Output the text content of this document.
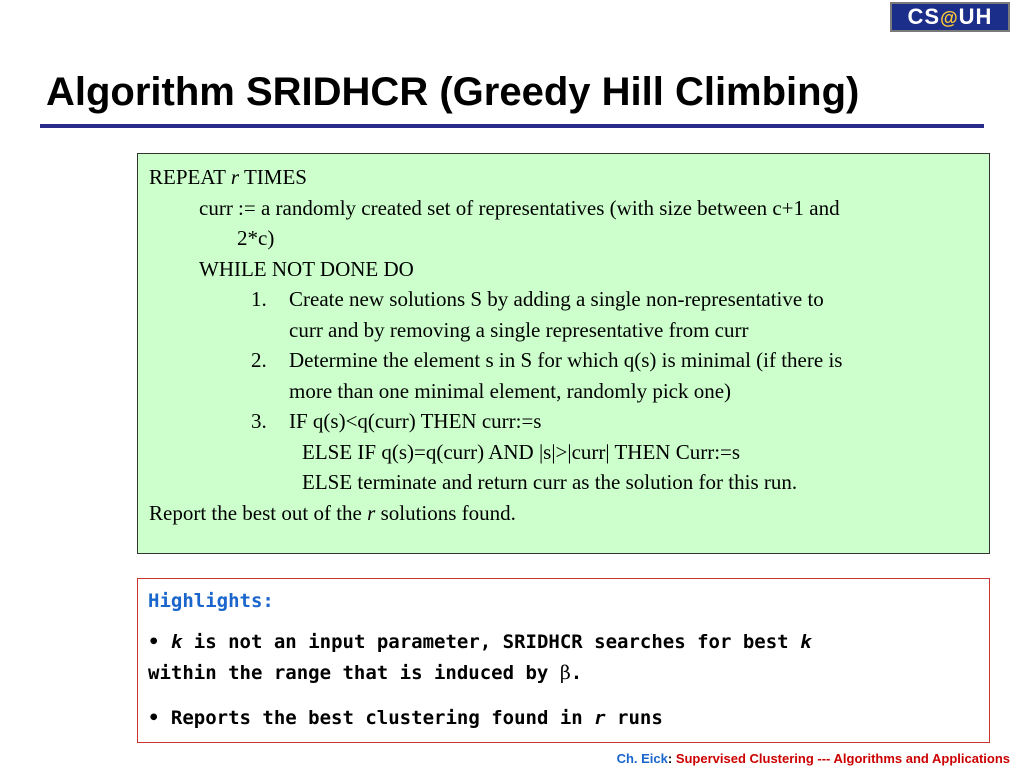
CS@UH
Algorithm SRIDHCR (Greedy Hill Climbing)
REPEAT r TIMES
curr := a randomly created set of representatives (with size between c+1 and
2*c)
WHILE NOT DONE DO
1.	Create new solutions S by adding a single non-representative to
curr and by removing a single representative from curr
2.	Determine the element s in S for which q(s) is minimal (if there is
more than one minimal element, randomly pick one)
3.	IF q(s)<q(curr) THEN curr:=s
ELSE IF q(s)=q(curr) AND |s|>|curr| THEN Curr:=s
ELSE terminate and return curr as the solution for this run.
Report the best out of the r solutions found.
Highlights:
• k is not an input parameter, SRIDHCR searches for best k
within the range that is induced by β.
• Reports the best clustering found in r runs
Ch. Eick: Supervised Clustering --- Algorithms and Applications
